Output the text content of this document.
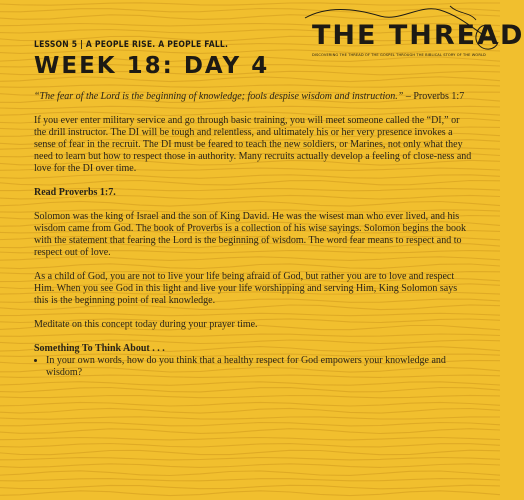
THE THREAD
DISCOVERING THE THREAD OF THE GOSPEL THROUGH THE BIBLICAL STORY OF THE WORLD
LESSON 5 | A PEOPLE RISE. A PEOPLE FALL.
WEEK 18: DAY 4

“The fear of the Lord is the beginning of knowledge; fools despise wisdom and instruction.” – Proverbs 1:7

If you ever enter military service and go through basic training, you will meet someone called the “DI,” or the drill instructor. The DI will be tough and relentless, and ultimately his or her very presence invokes a sense of fear in the recruit. The DI must be feared to teach the new soldiers, or Marines, not only what they need to learn but how to respect those in authority. Many recruits actually develop a feeling of close-ness and love for the DI over time.

Read Proverbs 1:7.

Solomon was the king of Israel and the son of King David. He was the wisest man who ever lived, and his wisdom came from God. The book of Proverbs is a collection of his wise sayings. Solomon begins the book with the statement that fearing the Lord is the beginning of wisdom. The word fear means to respect and to respect out of love.

As a child of God, you are not to live your life being afraid of God, but rather you are to love and respect Him. When you see God in this light and live your life worshipping and serving Him, King Solomon says this is the beginning point of real knowledge.

Meditate on this concept today during your prayer time.

Something To Think About . . .
• In your own words, how do you think that a healthy respect for God empowers your knowledge and wisdom?
